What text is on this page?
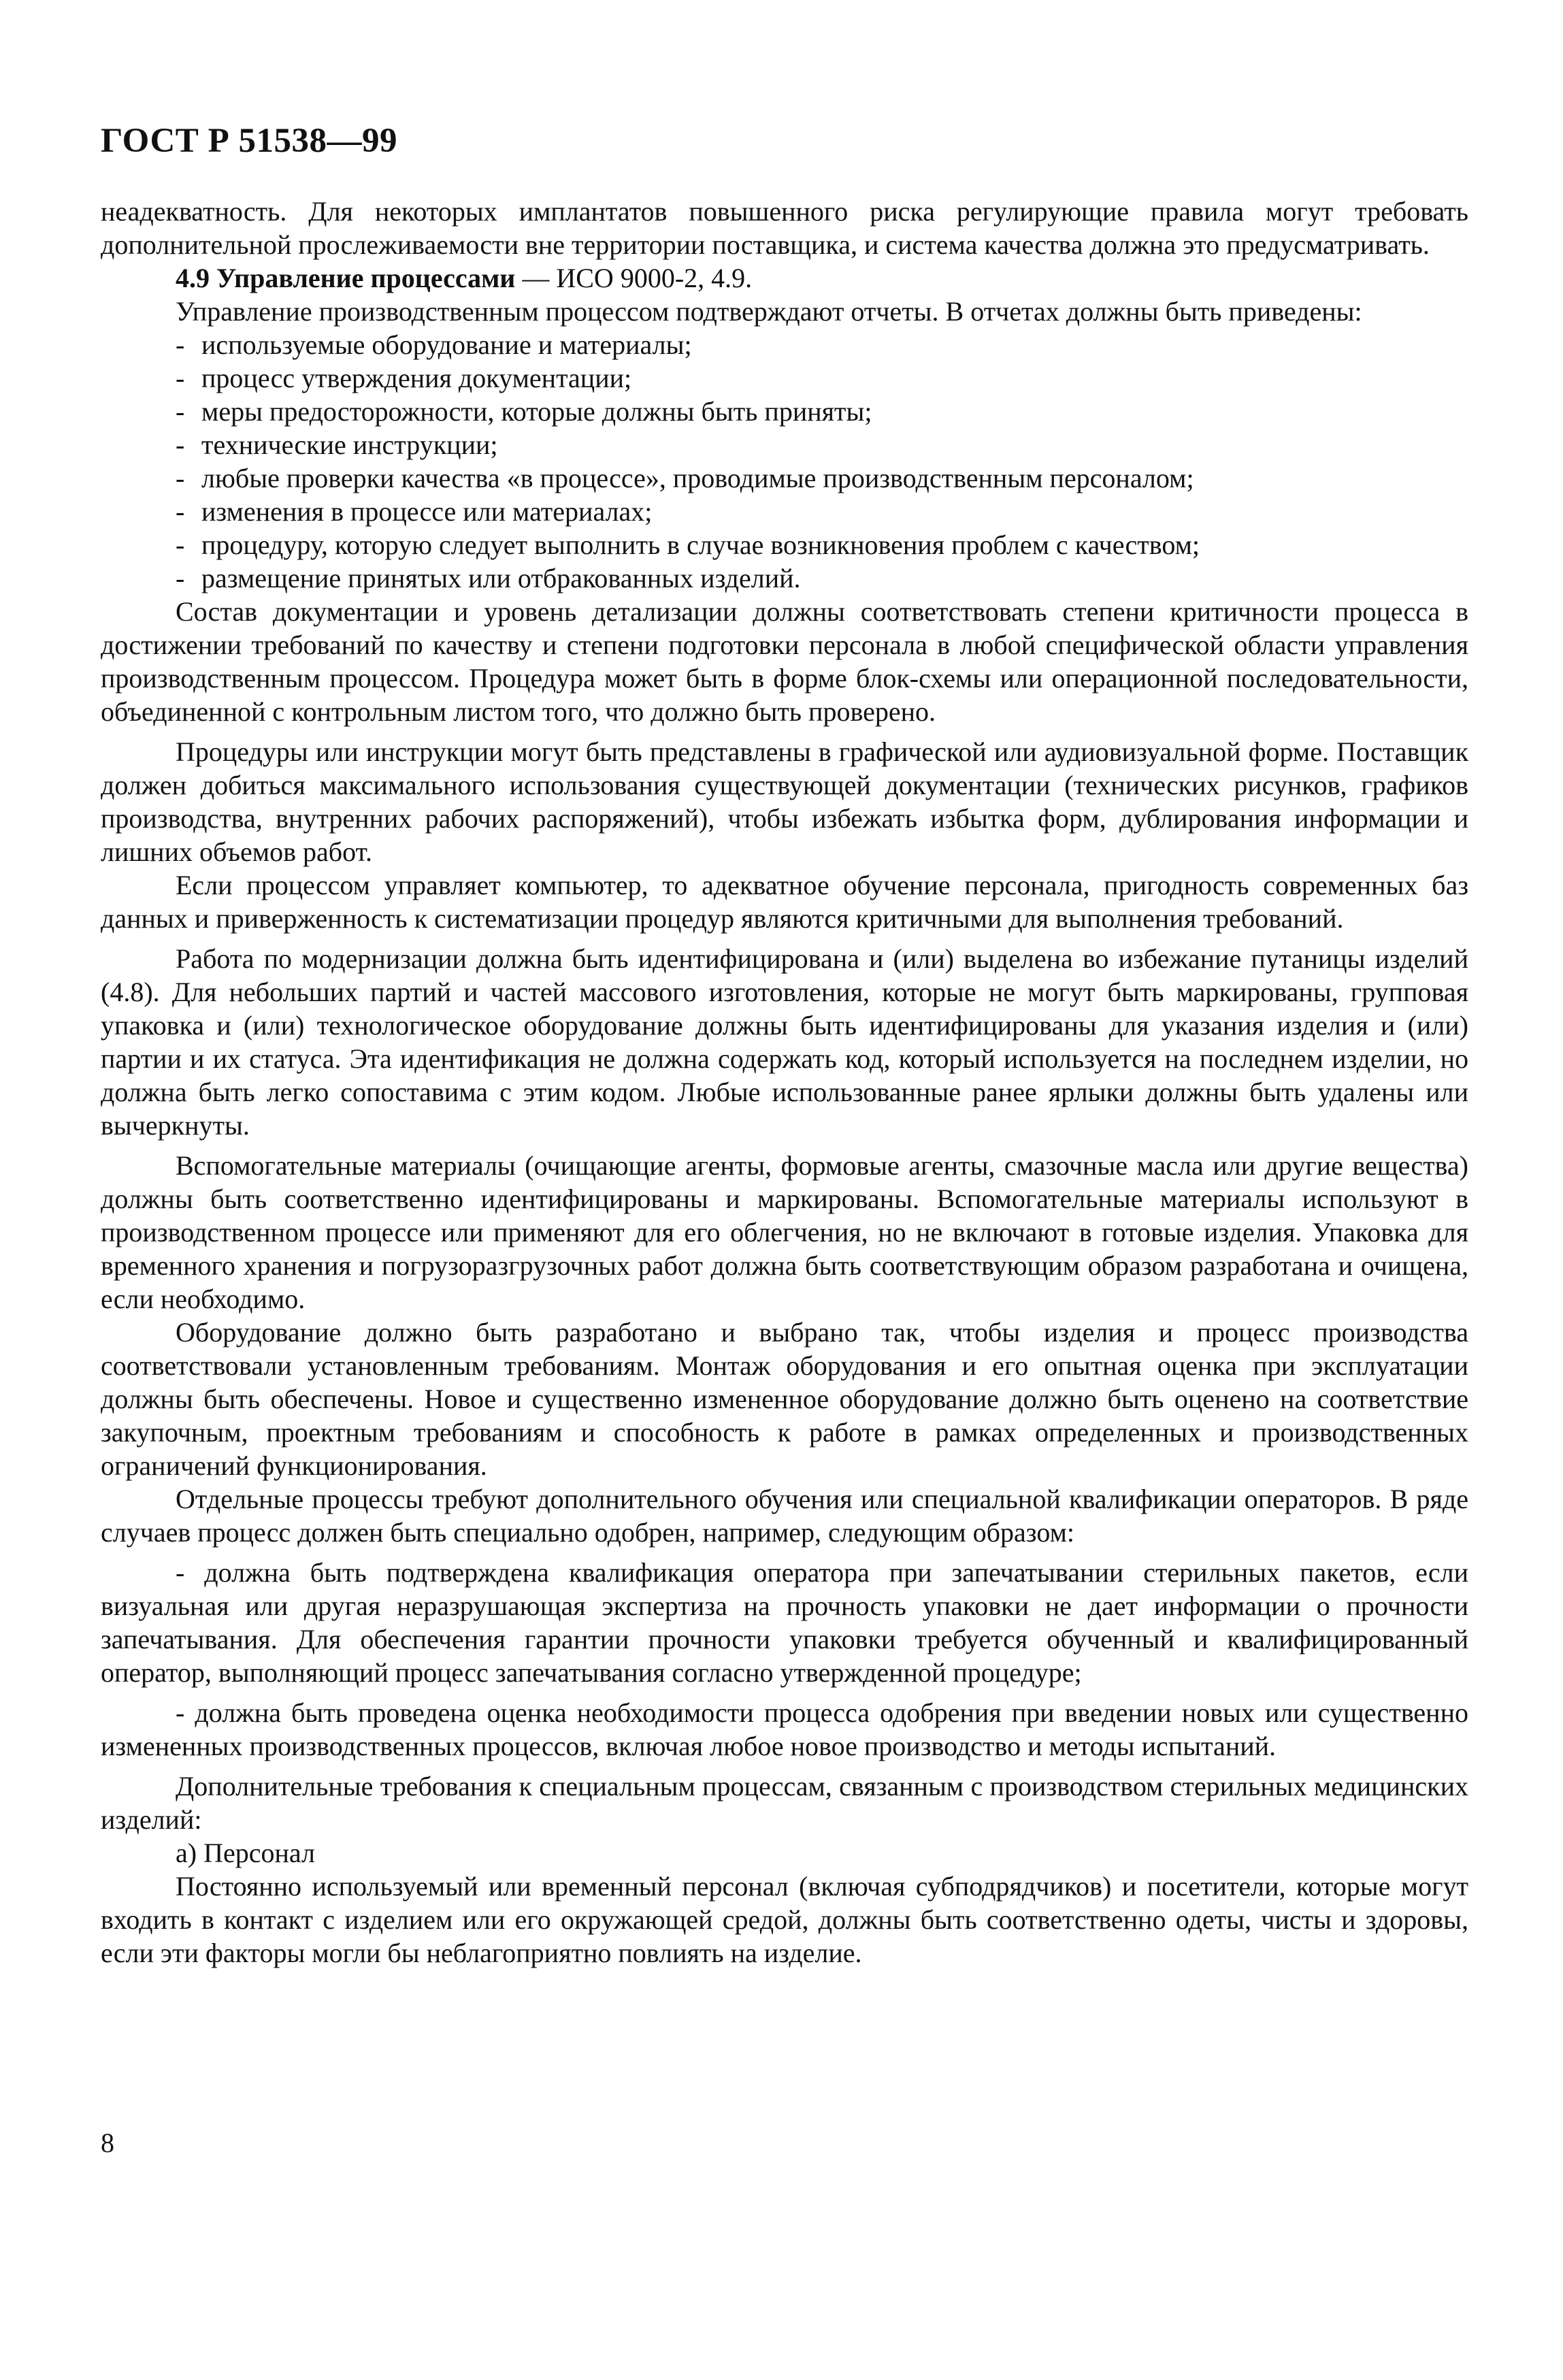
ГОСТ Р 51538—99

неадекватность. Для некоторых имплантатов повышенного риска регулирующие правила могут требовать дополнительной прослеживаемости вне территории поставщика, и система качества должна это предусматривать.

4.9 Управление процессами — ИСО 9000-2, 4.9.

Управление производственным процессом подтверждают отчеты. В отчетах должны быть приведены:

- используемые оборудование и материалы;

- процесс утверждения документации;

- меры предосторожности, которые должны быть приняты;

- технические инструкции;

- любые проверки качества «в процессе», проводимые производственным персоналом;

- изменения в процессе или материалах;

- процедуру, которую следует выполнить в случае возникновения проблем с качеством;

- размещение принятых или отбракованных изделий.

Состав документации и уровень детализации должны соответствовать степени критичности процесса в достижении требований по качеству и степени подготовки персонала в любой специфической области управления производственным процессом. Процедура может быть в форме блок-схемы или операционной последовательности, объединенной с контрольным листом того, что должно быть проверено.

Процедуры или инструкции могут быть представлены в графической или аудиовизуальной форме. Поставщик должен добиться максимального использования существующей документации (технических рисунков, графиков производства, внутренних рабочих распоряжений), чтобы избежать избытка форм, дублирования информации и лишних объемов работ.

Если процессом управляет компьютер, то адекватное обучение персонала, пригодность современных баз данных и приверженность к систематизации процедур являются критичными для выполнения требований.

Работа по модернизации должна быть идентифицирована и (или) выделена во избежание путаницы изделий (4.8). Для небольших партий и частей массового изготовления, которые не могут быть маркированы, групповая упаковка и (или) технологическое оборудование должны быть идентифицированы для указания изделия и (или) партии и их статуса. Эта идентификация не должна содержать код, который используется на последнем изделии, но должна быть легко сопоставима с этим кодом. Любые использованные ранее ярлыки должны быть удалены или вычеркнуты.

Вспомогательные материалы (очищающие агенты, формовые агенты, смазочные масла или другие вещества) должны быть соответственно идентифицированы и маркированы. Вспомогательные материалы используют в производственном процессе или применяют для его облегчения, но не включают в готовые изделия. Упаковка для временного хранения и погрузоразгрузочных работ должна быть соответствующим образом разработана и очищена, если необходимо.

Оборудование должно быть разработано и выбрано так, чтобы изделия и процесс производства соответствовали установленным требованиям. Монтаж оборудования и его опытная оценка при эксплуатации должны быть обеспечены. Новое и существенно измененное оборудование должно быть оценено на соответствие закупочным, проектным требованиям и способность к работе в рамках определенных и производственных ограничений функционирования.

Отдельные процессы требуют дополнительного обучения или специальной квалификации операторов. В ряде случаев процесс должен быть специально одобрен, например, следующим образом:

- должна быть подтверждена квалификация оператора при запечатывании стерильных пакетов, если визуальная или другая неразрушающая экспертиза на прочность упаковки не дает информации о прочности запечатывания. Для обеспечения гарантии прочности упаковки требуется обученный и квалифицированный оператор, выполняющий процесс запечатывания согласно утвержденной процедуре;

- должна быть проведена оценка необходимости процесса одобрения при введении новых или существенно измененных производственных процессов, включая любое новое производство и методы испытаний.

Дополнительные требования к специальным процессам, связанным с производством стерильных медицинских изделий:

а) Персонал

Постоянно используемый или временный персонал (включая субподрядчиков) и посетители, которые могут входить в контакт с изделием или его окружающей средой, должны быть соответственно одеты, чисты и здоровы, если эти факторы могли бы неблагоприятно повлиять на изделие.

8
